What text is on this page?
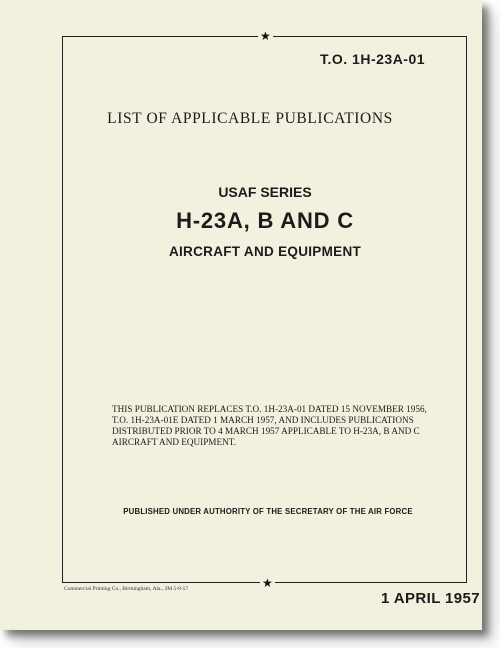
★
★
T.O. 1H-23A-01
LIST OF APPLICABLE PUBLICATIONS
USAF SERIES
H-23A, B AND C
AIRCRAFT AND EQUIPMENT
THIS PUBLICATION REPLACES T.O. 1H-23A-01 DATED 15 NOVEMBER 1956,
T.O. 1H-23A-01E DATED 1 MARCH 1957, AND INCLUDES PUBLICATIONS
DISTRIBUTED PRIOR TO 4 MARCH 1957 APPLICABLE TO H-23A, B AND C
AIRCRAFT AND EQUIPMENT.
PUBLISHED UNDER AUTHORITY OF THE SECRETARY OF THE AIR FORCE
Commercial Printing Co., Birmingham, Ala., 2M 5-8-57
1 APRIL 1957
